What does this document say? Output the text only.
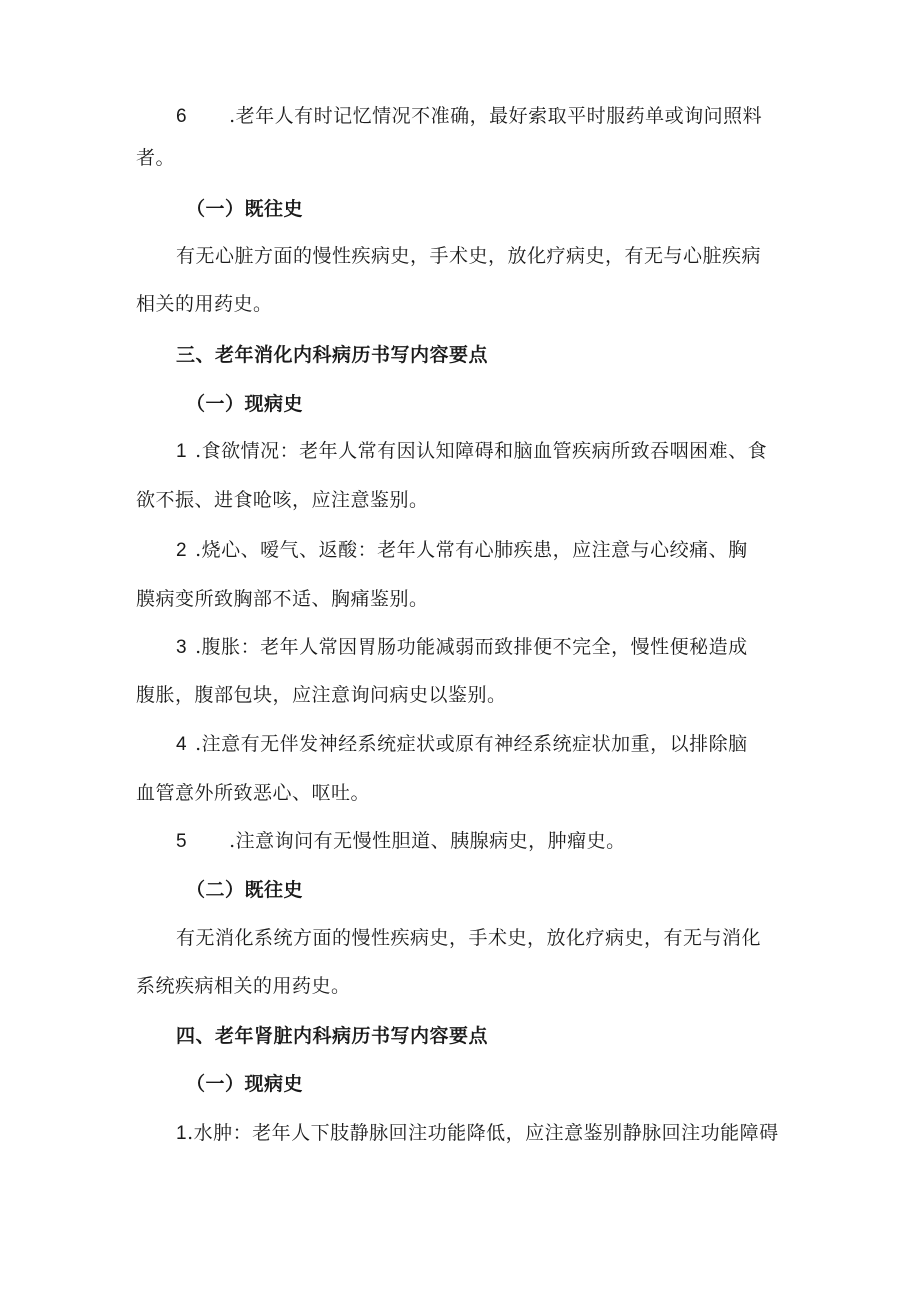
6 .老年人有时记忆情况不准确，最好索取平时服药单或询问照料
者。
（一）既往史
有无心脏方面的慢性疾病史，手术史，放化疗病史，有无与心脏疾病
相关的用药史。
三、老年消化内科病历书写内容要点
（一）现病史
1 .食欲情况：老年人常有因认知障碍和脑血管疾病所致吞咽困难、食
欲不振、进食呛咳，应注意鉴别。
2 .烧心、嗳气、返酸：老年人常有心肺疾患，应注意与心绞痛、胸
膜病变所致胸部不适、胸痛鉴别。
3 .腹胀：老年人常因胃肠功能减弱而致排便不完全，慢性便秘造成
腹胀，腹部包块，应注意询问病史以鉴别。
4 .注意有无伴发神经系统症状或原有神经系统症状加重，以排除脑
血管意外所致恶心、呕吐。
5 .注意询问有无慢性胆道、胰腺病史，肿瘤史。
（二）既往史
有无消化系统方面的慢性疾病史，手术史，放化疗病史，有无与消化
系统疾病相关的用药史。
四、老年肾脏内科病历书写内容要点
（一）现病史
1.水肿：老年人下肢静脉回注功能降低，应注意鉴别静脉回注功能障碍
